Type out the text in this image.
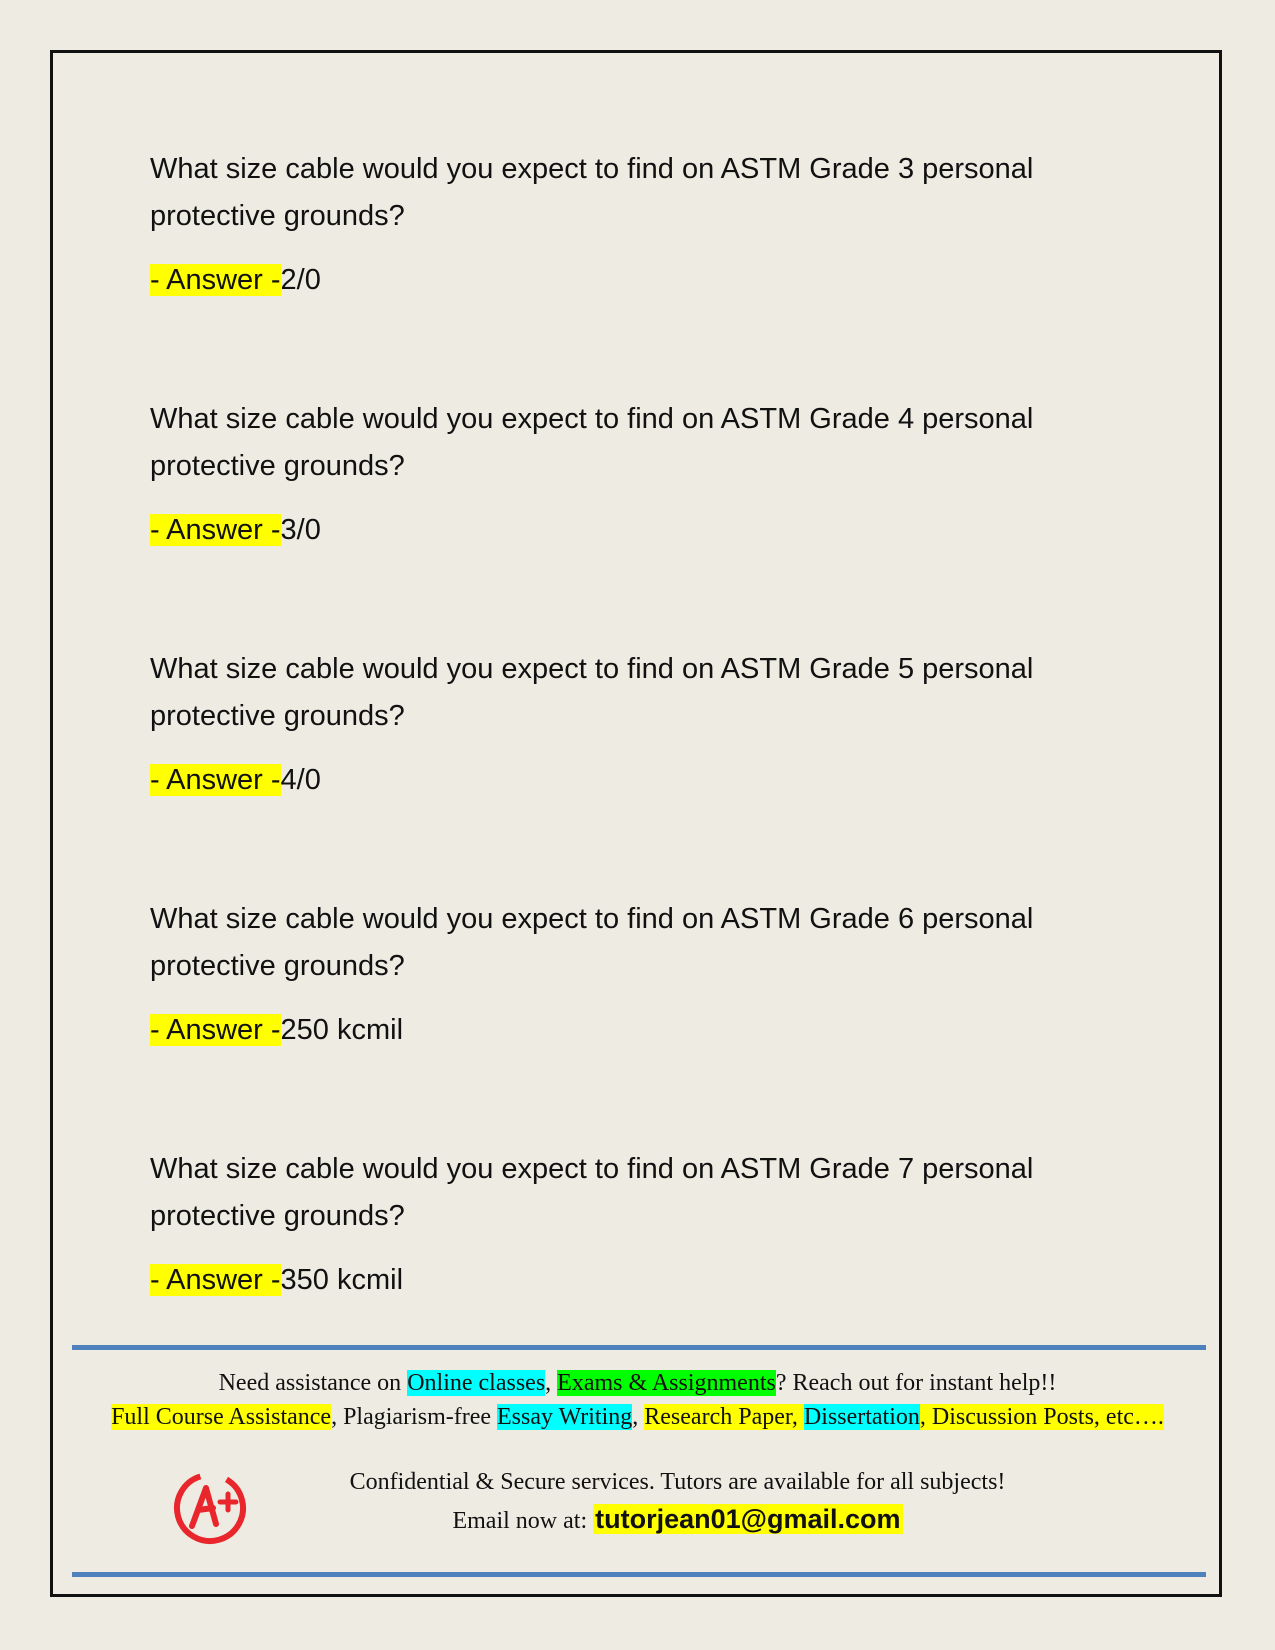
What size cable would you expect to find on ASTM Grade 3 personal protective grounds?

- Answer -2/0

What size cable would you expect to find on ASTM Grade 4 personal protective grounds?

- Answer -3/0

What size cable would you expect to find on ASTM Grade 5 personal protective grounds?

- Answer -4/0

What size cable would you expect to find on ASTM Grade 6 personal protective grounds?

- Answer -250 kcmil

What size cable would you expect to find on ASTM Grade 7 personal protective grounds?

- Answer -350 kcmil
Need assistance on Online classes, Exams & Assignments? Reach out for instant help!!
Full Course Assistance, Plagiarism-free Essay Writing, Research Paper, Dissertation, Discussion Posts, etc….
Confidential & Secure services. Tutors are available for all subjects!
Email now at: tutorjean01@gmail.com
